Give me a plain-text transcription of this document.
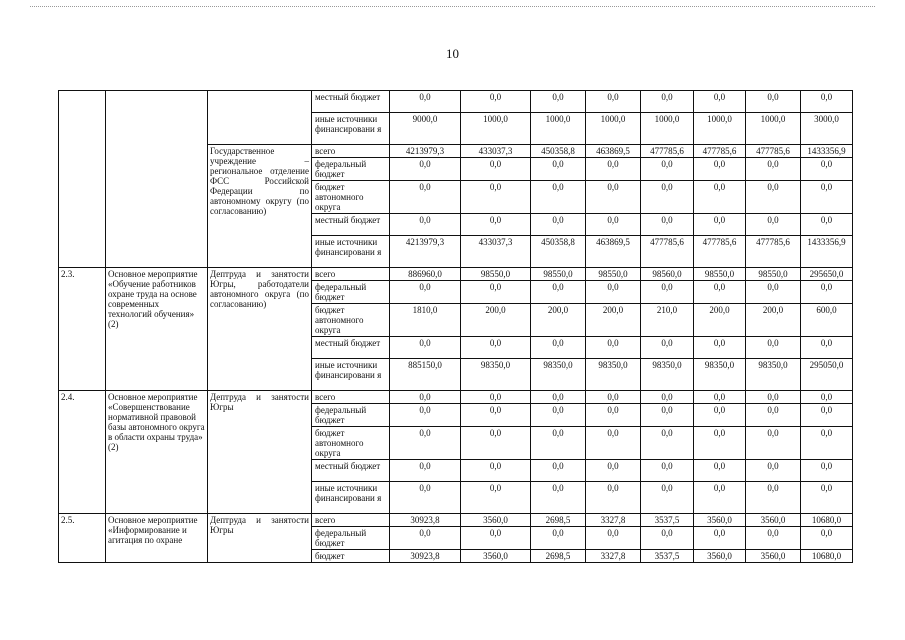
10
			местный бюджет	0,0	0,0	0,0	0,0	0,0	0,0	0,0	0,0
			иные источники финансировани я	9000,0	1000,0	1000,0	1000,0	1000,0	1000,0	1000,0	3000,0
		Государственное учреждение – региональное отделение ФСС Российской Федерации по автономному округу (по согласованию)	всего	4213979,3	433037,3	450358,8	463869,5	477785,6	477785,6	477785,6	1433356,9
			федеральный бюджет	0,0	0,0	0,0	0,0	0,0	0,0	0,0	0,0
			бюджет автономного округа	0,0	0,0	0,0	0,0	0,0	0,0	0,0	0,0
			местный бюджет	0,0	0,0	0,0	0,0	0,0	0,0	0,0	0,0
			иные источники финансировани я	4213979,3	433037,3	450358,8	463869,5	477785,6	477785,6	477785,6	1433356,9
2.3.	Основное мероприятие «Обучение работников охране труда на основе современных технологий обучения» (2)	Дептруда и занятости Югры, работодатели автономного округа (по согласованию)	всего	886960,0	98550,0	98550,0	98550,0	98560,0	98550,0	98550,0	295650,0
			федеральный бюджет	0,0	0,0	0,0	0,0	0,0	0,0	0,0	0,0
			бюджет автономного округа	1810,0	200,0	200,0	200,0	210,0	200,0	200,0	600,0
			местный бюджет	0,0	0,0	0,0	0,0	0,0	0,0	0,0	0,0
			иные источники финансировани я	885150,0	98350,0	98350,0	98350,0	98350,0	98350,0	98350,0	295050,0
2.4.	Основное мероприятие «Совершенствование нормативной правовой базы автономного округа в области охраны труда» (2)	Дептруда и занятости Югры	всего	0,0	0,0	0,0	0,0	0,0	0,0	0,0	0,0
			федеральный бюджет	0,0	0,0	0,0	0,0	0,0	0,0	0,0	0,0
			бюджет автономного округа	0,0	0,0	0,0	0,0	0,0	0,0	0,0	0,0
			местный бюджет	0,0	0,0	0,0	0,0	0,0	0,0	0,0	0,0
			иные источники финансировани я	0,0	0,0	0,0	0,0	0,0	0,0	0,0	0,0
2.5.	Основное мероприятие «Информирование и агитация по охране	Дептруда и занятости Югры	всего	30923,8	3560,0	2698,5	3327,8	3537,5	3560,0	3560,0	10680,0
			федеральный бюджет	0,0	0,0	0,0	0,0	0,0	0,0	0,0	0,0
			бюджет	30923,8	3560,0	2698,5	3327,8	3537,5	3560,0	3560,0	10680,0
